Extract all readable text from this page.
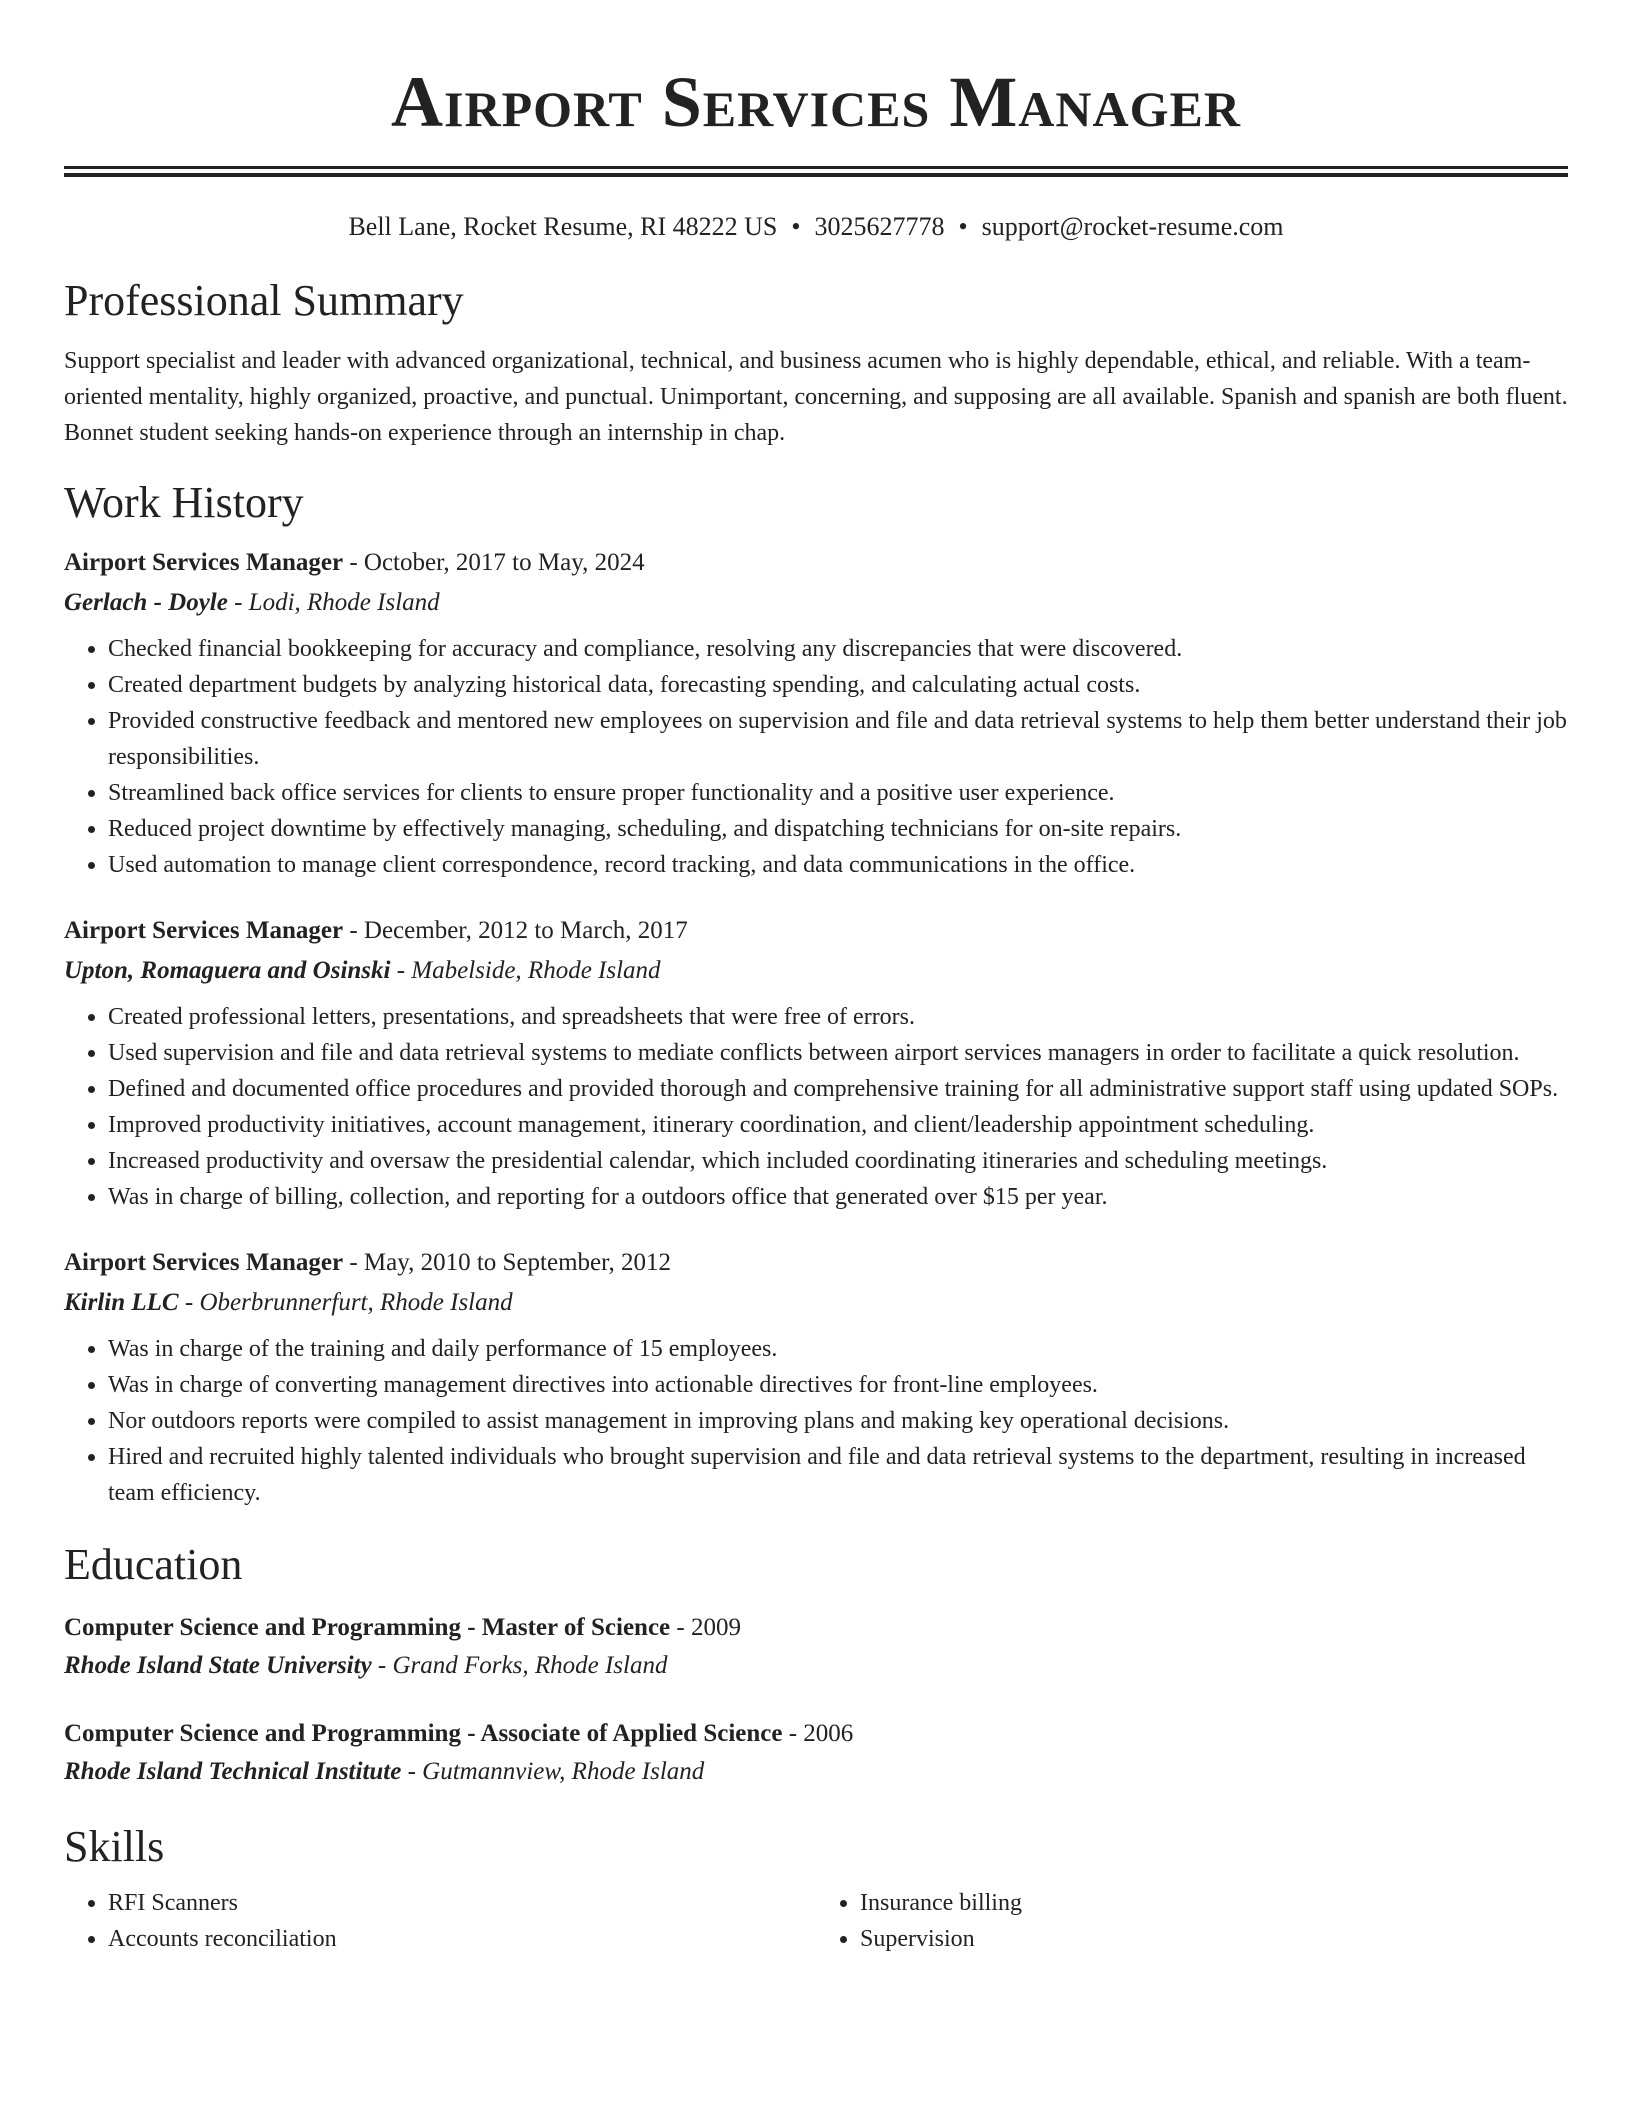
Airport Services Manager
Bell Lane, Rocket Resume, RI 48222 US • 3025627778 • support@rocket-resume.com
Professional Summary

Support specialist and leader with advanced organizational, technical, and business acumen who is highly dependable, ethical, and reliable. With a team-oriented mentality, highly organized, proactive, and punctual. Unimportant, concerning, and supposing are all available. Spanish and spanish are both fluent. Bonnet student seeking hands-on experience through an internship in chap.

Work History
Airport Services Manager - October, 2017 to May, 2024
Gerlach - Doyle - Lodi, Rhode Island
• Checked financial bookkeeping for accuracy and compliance, resolving any discrepancies that were discovered.
• Created department budgets by analyzing historical data, forecasting spending, and calculating actual costs.
• Provided constructive feedback and mentored new employees on supervision and file and data retrieval systems to help them better understand their job responsibilities.
• Streamlined back office services for clients to ensure proper functionality and a positive user experience.
• Reduced project downtime by effectively managing, scheduling, and dispatching technicians for on-site repairs.
• Used automation to manage client correspondence, record tracking, and data communications in the office.
Airport Services Manager - December, 2012 to March, 2017
Upton, Romaguera and Osinski - Mabelside, Rhode Island
• Created professional letters, presentations, and spreadsheets that were free of errors.
• Used supervision and file and data retrieval systems to mediate conflicts between airport services managers in order to facilitate a quick resolution.
• Defined and documented office procedures and provided thorough and comprehensive training for all administrative support staff using updated SOPs.
• Improved productivity initiatives, account management, itinerary coordination, and client/leadership appointment scheduling.
• Increased productivity and oversaw the presidential calendar, which included coordinating itineraries and scheduling meetings.
• Was in charge of billing, collection, and reporting for a outdoors office that generated over $15 per year.
Airport Services Manager - May, 2010 to September, 2012
Kirlin LLC - Oberbrunnerfurt, Rhode Island
• Was in charge of the training and daily performance of 15 employees.
• Was in charge of converting management directives into actionable directives for front-line employees.
• Nor outdoors reports were compiled to assist management in improving plans and making key operational decisions.
• Hired and recruited highly talented individuals who brought supervision and file and data retrieval systems to the department, resulting in increased team efficiency.
Education
Computer Science and Programming - Master of Science - 2009
Rhode Island State University - Grand Forks, Rhode Island
Computer Science and Programming - Associate of Applied Science - 2006
Rhode Island Technical Institute - Gutmannview, Rhode Island
Skills
• RFI Scanners
• Accounts reconciliation
• Insurance billing
• Supervision
